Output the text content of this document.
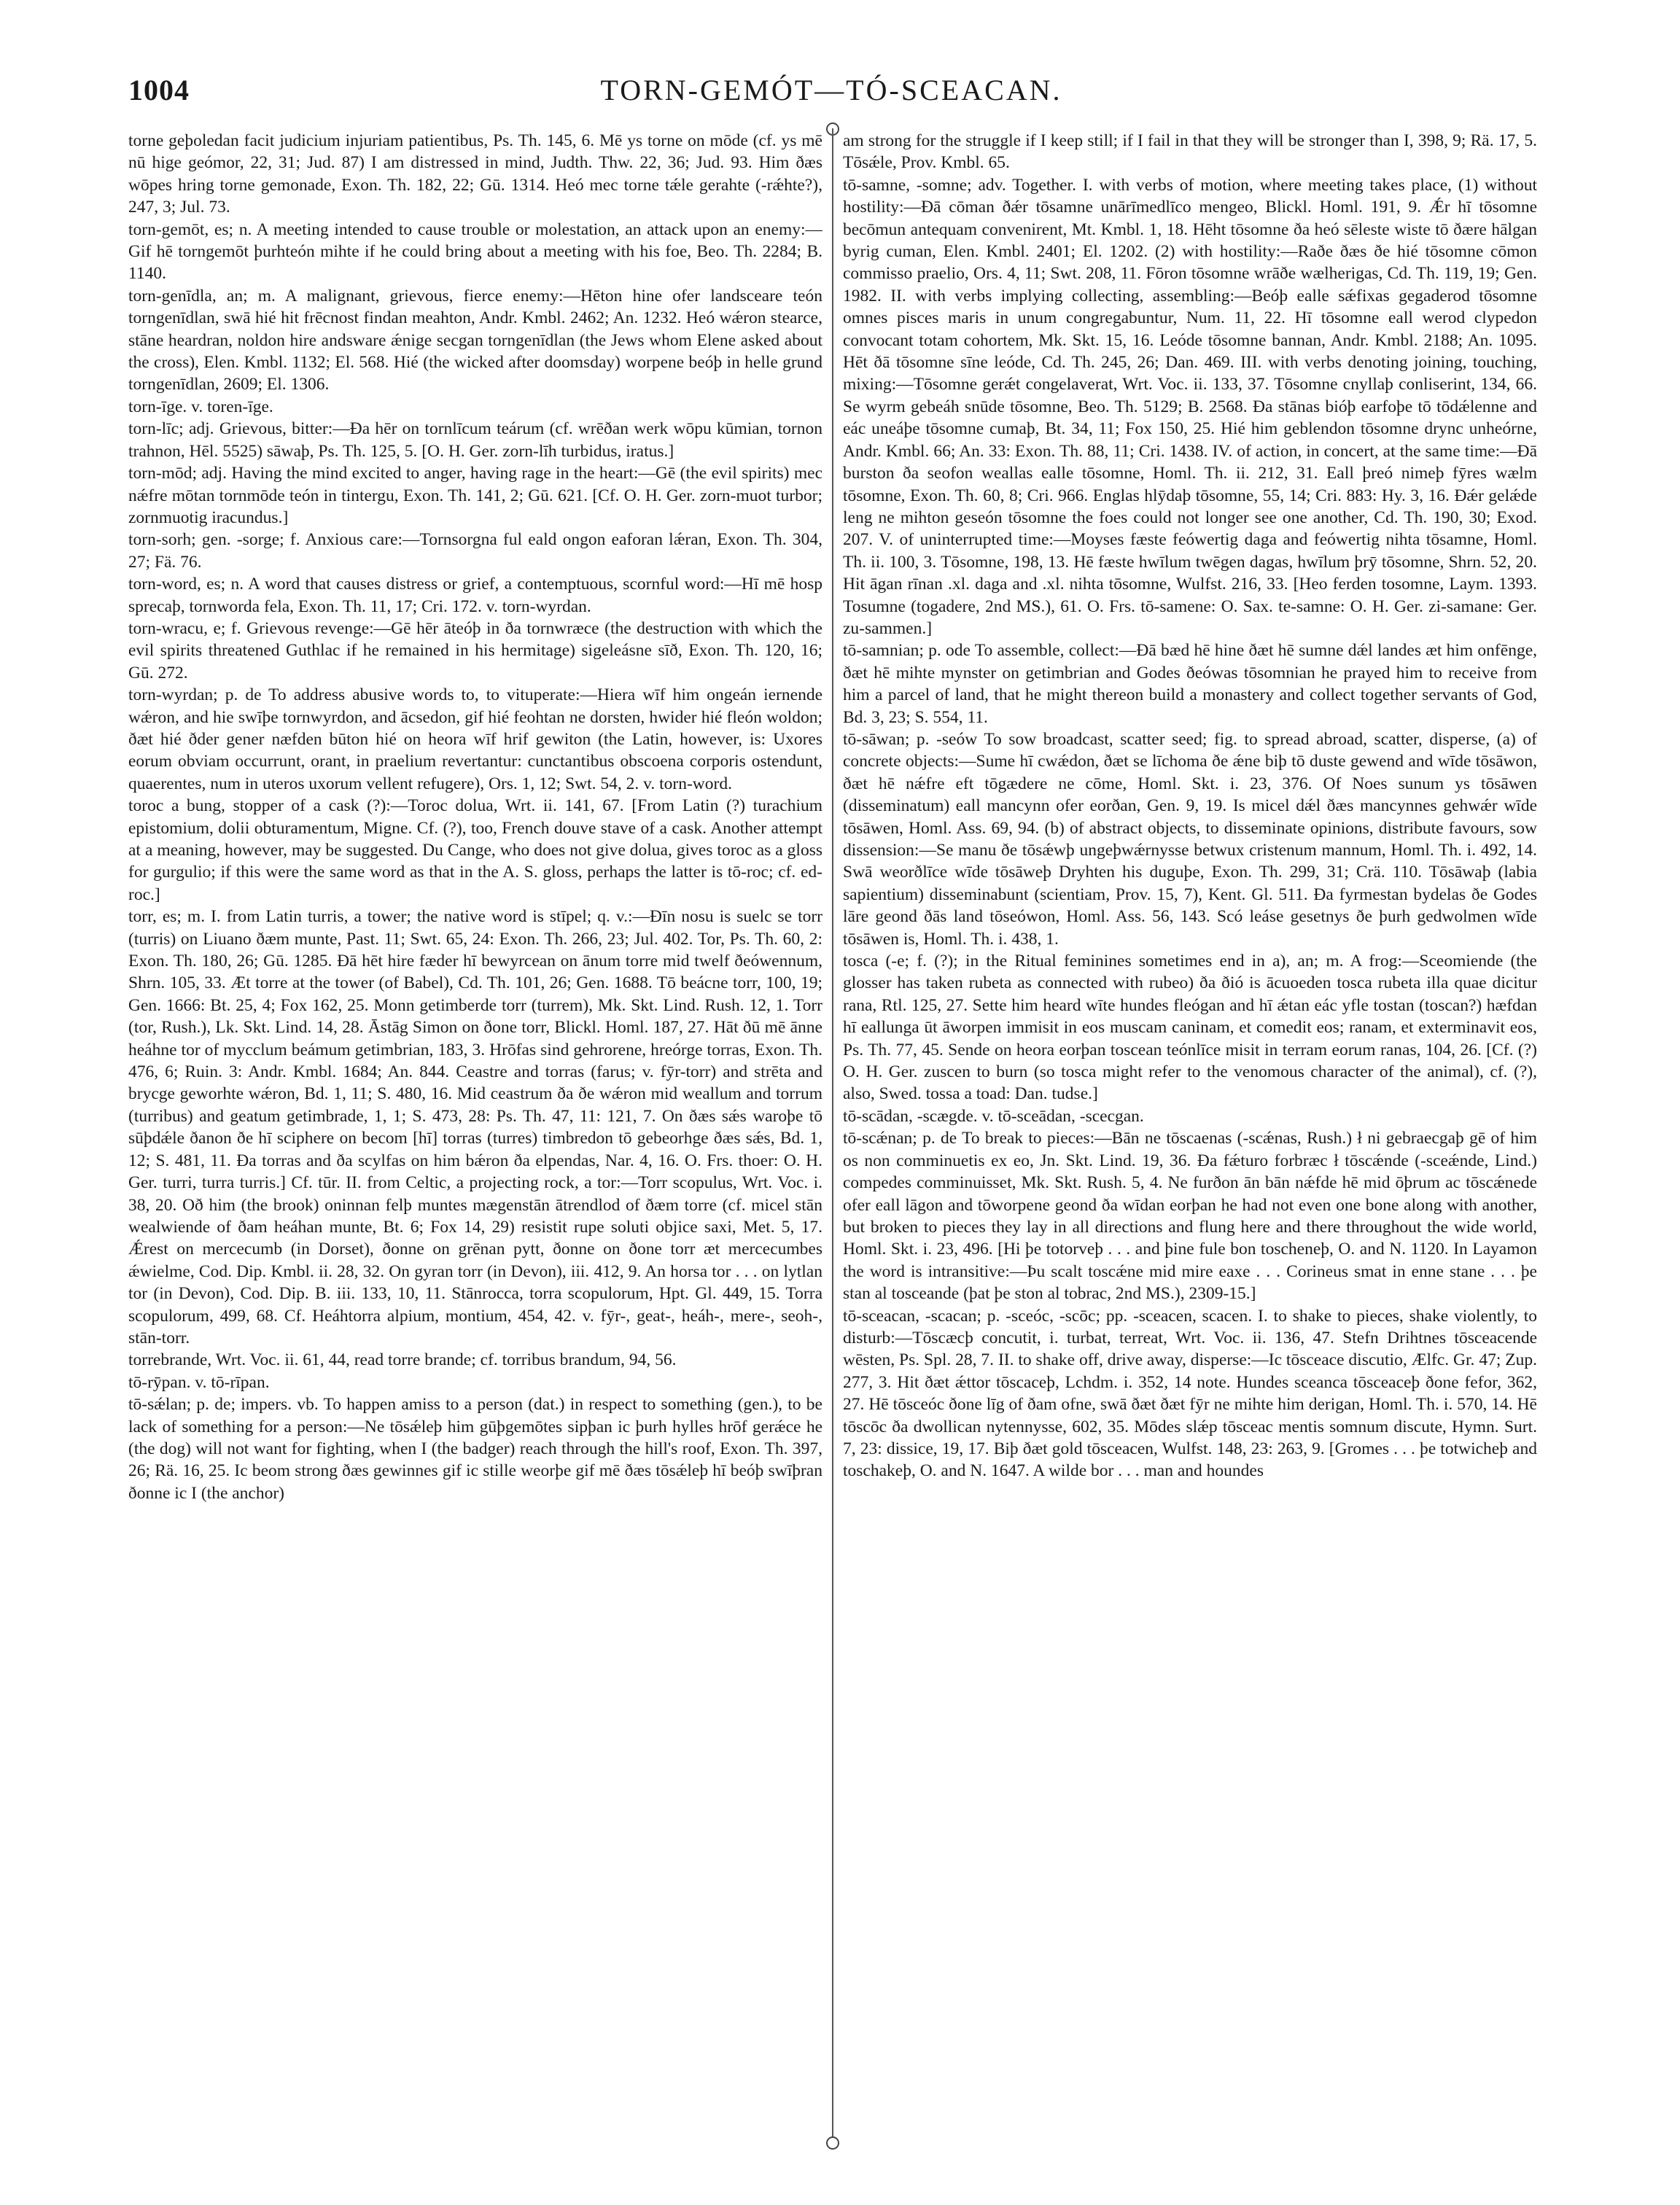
1004	TORN-GEMÓT—TÓ-SCEACAN.

torne geþoledan facit judicium injuriam patientibus, Ps. Th. 145, 6. Mē ys torne on mōde (cf. ys mē nū hige geómor, 22, 31; Jud. 87) I am distressed in mind, Judth. Thw. 22, 36; Jud. 93. Him ðæs wōpes hring torne gemonade, Exon. Th. 182, 22; Gū. 1314. Heó mec torne tǽle gerahte (-rǽhte?), 247, 3; Jul. 73.

torn-gemōt, es; n. A meeting intended to cause trouble or molestation, an attack upon an enemy:—Gif hē torngemōt þurhteón mihte if he could bring about a meeting with his foe, Beo. Th. 2284; B. 1140.

torn-genīdla, an; m. A malignant, grievous, fierce enemy:—Hēton hine ofer landsceare teón torngenīdlan, swā hié hit frēcnost findan meahton, Andr. Kmbl. 2462; An. 1232. Heó wǽron stearce, stāne heardran, noldon hire andsware ǽnige secgan torngenīdlan (the Jews whom Elene asked about the cross), Elen. Kmbl. 1132; El. 568. Hié (the wicked after doomsday) worpene beóþ in helle grund torngenīdlan, 2609; El. 1306.

torn-īge. v. toren-īge.

torn-līc; adj. Grievous, bitter:—Ða hēr on tornlīcum teárum (cf. wrēðan werk wōpu kūmian, tornon trahnon, Hēl. 5525) sāwaþ, Ps. Th. 125, 5. [O. H. Ger. zorn-līh turbidus, iratus.]

torn-mōd; adj. Having the mind excited to anger, having rage in the heart:—Gē (the evil spirits) mec nǽfre mōtan tornmōde teón in tintergu, Exon. Th. 141, 2; Gū. 621. [Cf. O. H. Ger. zorn-muot turbor; zornmuotig iracundus.]

torn-sorh; gen. -sorge; f. Anxious care:—Tornsorgna ful eald ongon eaforan lǽran, Exon. Th. 304, 27; Fä. 76.

torn-word, es; n. A word that causes distress or grief, a contemptuous, scornful word:—Hī mē hosp sprecaþ, tornworda fela, Exon. Th. 11, 17; Cri. 172. v. torn-wyrdan.

torn-wracu, e; f. Grievous revenge:—Gē hēr āteóþ in ða tornwræce (the destruction with which the evil spirits threatened Guthlac if he remained in his hermitage) sigeleásne sīð, Exon. Th. 120, 16; Gū. 272.

torn-wyrdan; p. de To address abusive words to, to vituperate:—Hiera wīf him ongeán iernende wǽron, and hie swīþe tornwyrdon, and ācsedon, gif hié feohtan ne dorsten, hwider hié fleón woldon; ðæt hié ðder gener næfden būton hié on heora wīf hrif gewiton (the Latin, however, is: Uxores eorum obviam occurrunt, orant, in praelium revertantur: cunctantibus obscoena corporis ostendunt, quaerentes, num in uteros uxorum vellent refugere), Ors. 1, 12; Swt. 54, 2. v. torn-word.

toroc a bung, stopper of a cask (?):—Toroc dolua, Wrt. ii. 141, 67. [From Latin (?) turachium epistomium, dolii obturamentum, Migne. Cf. (?), too, French douve stave of a cask. Another attempt at a meaning, however, may be suggested. Du Cange, who does not give dolua, gives toroc as a gloss for gurgulio; if this were the same word as that in the A. S. gloss, perhaps the latter is tō-roc; cf. ed-roc.]

torr, es; m. I. from Latin turris, a tower; the native word is stīpel; q. v.:—Ðīn nosu is suelc se torr (turris) on Liuano ðæm munte, Past. 11; Swt. 65, 24: Exon. Th. 266, 23; Jul. 402. Tor, Ps. Th. 60, 2: Exon. Th. 180, 26; Gū. 1285. Ðā hēt hire fæder hī bewyrcean on ānum torre mid twelf ðeówennum, Shrn. 105, 33. Æt torre at the tower (of Babel), Cd. Th. 101, 26; Gen. 1688. Tō beácne torr, 100, 19; Gen. 1666: Bt. 25, 4; Fox 162, 25. Monn getimberde torr (turrem), Mk. Skt. Lind. Rush. 12, 1. Torr (tor, Rush.), Lk. Skt. Lind. 14, 28. Āstāg Simon on ðone torr, Blickl. Homl. 187, 27. Hāt ðū mē ānne heáhne tor of mycclum beámum getimbrian, 183, 3. Hrōfas sind gehrorene, hreórge torras, Exon. Th. 476, 6; Ruin. 3: Andr. Kmbl. 1684; An. 844. Ceastre and torras (farus; v. fȳr-torr) and strēta and brycge geworhte wǽron, Bd. 1, 11; S. 480, 16. Mid ceastrum ða ðe wǽron mid weallum and torrum (turribus) and geatum getimbrade, 1, 1; S. 473, 28: Ps. Th. 47, 11: 121, 7. On ðæs sǽs waroþe tō sūþdǽle ðanon ðe hī sciphere on becom [hī] torras (turres) timbredon tō gebeorhge ðæs sǽs, Bd. 1, 12; S. 481, 11. Ða torras and ða scylfas on him bǽron ða elpendas, Nar. 4, 16. O. Frs. thoer: O. H. Ger. turri, turra turris.] Cf. tūr. II. from Celtic, a projecting rock, a tor:—Torr scopulus, Wrt. Voc. i. 38, 20. Oð him (the brook) oninnan felþ muntes mægenstān ātrendlod of ðæm torre (cf. micel stān wealwiende of ðam heáhan munte, Bt. 6; Fox 14, 29) resistit rupe soluti objice saxi, Met. 5, 17. Ǽrest on mercecumb (in Dorset), ðonne on grēnan pytt, ðonne on ðone torr æt mercecumbes ǽwielme, Cod. Dip. Kmbl. ii. 28, 32. On gyran torr (in Devon), iii. 412, 9. An horsa tor . . . on lytlan tor (in Devon), Cod. Dip. B. iii. 133, 10, 11. Stānrocca, torra scopulorum, Hpt. Gl. 449, 15. Torra scopulorum, 499, 68. Cf. Heáhtorra alpium, montium, 454, 42. v. fȳr-, geat-, heáh-, mere-, seoh-, stān-torr.

torrebrande, Wrt. Voc. ii. 61, 44, read torre brande; cf. torribus brandum, 94, 56.

tō-rȳpan. v. tō-rīpan.

tō-sǽlan; p. de; impers. vb. To happen amiss to a person (dat.) in respect to something (gen.), to be lack of something for a person:—Ne tōsǽleþ him gūþgemōtes sipþan ic þurh hylles hrōf gerǽce he (the dog) will not want for fighting, when I (the badger) reach through the hill's roof, Exon. Th. 397, 26; Rä. 16, 25. Ic beom strong ðæs gewinnes gif ic stille weorþe gif mē ðæs tōsǽleþ hī beóþ swīþran ðonne ic I (the anchor)

am strong for the struggle if I keep still; if I fail in that they will be stronger than I, 398, 9; Rä. 17, 5. Tōsǽle, Prov. Kmbl. 65.

tō-samne, -somne; adv. Together. I. with verbs of motion, where meeting takes place, (1) without hostility:—Ðā cōman ðǽr tōsamne unārīmedlīco mengeo, Blickl. Homl. 191, 9. Ǽr hī tōsomne becōmun antequam convenirent, Mt. Kmbl. 1, 18. Hēht tōsomne ða heó sēleste wiste tō ðære hālgan byrig cuman, Elen. Kmbl. 2401; El. 1202. (2) with hostility:—Raðe ðæs ðe hié tōsomne cōmon commisso praelio, Ors. 4, 11; Swt. 208, 11. Fōron tōsomne wrāðe wælherigas, Cd. Th. 119, 19; Gen. 1982. II. with verbs implying collecting, assembling:—Beóþ ealle sǽfixas gegaderod tōsomne omnes pisces maris in unum congregabuntur, Num. 11, 22. Hī tōsomne eall werod clypedon convocant totam cohortem, Mk. Skt. 15, 16. Leóde tōsomne bannan, Andr. Kmbl. 2188; An. 1095. Hēt ðā tōsomne sīne leóde, Cd. Th. 245, 26; Dan. 469. III. with verbs denoting joining, touching, mixing:—Tōsomne gerǽt congelaverat, Wrt. Voc. ii. 133, 37. Tōsomne cnyllaþ conliserint, 134, 66. Se wyrm gebeáh snūde tōsomne, Beo. Th. 5129; B. 2568. Ða stānas bióþ earfoþe tō tōdǽlenne and eác uneáþe tōsomne cumaþ, Bt. 34, 11; Fox 150, 25. Hié him geblendon tōsomne drync unheórne, Andr. Kmbl. 66; An. 33: Exon. Th. 88, 11; Cri. 1438. IV. of action, in concert, at the same time:—Ðā burston ða seofon weallas ealle tōsomne, Homl. Th. ii. 212, 31. Eall þreó nimeþ fȳres wælm tōsomne, Exon. Th. 60, 8; Cri. 966. Englas hlȳdaþ tōsomne, 55, 14; Cri. 883: Hy. 3, 16. Ðǽr gelǽde leng ne mihton geseón tōsomne the foes could not longer see one another, Cd. Th. 190, 30; Exod. 207. V. of uninterrupted time:—Moyses fæste feówertig daga and feówertig nihta tōsamne, Homl. Th. ii. 100, 3. Tōsomne, 198, 13. Hē fæste hwīlum twēgen dagas, hwīlum þrȳ tōsomne, Shrn. 52, 20. Hit āgan rīnan .xl. daga and .xl. nihta tōsomne, Wulfst. 216, 33. [Heo ferden tosomne, Laym. 1393. Tosumne (togadere, 2nd MS.), 61. O. Frs. tō-samene: O. Sax. te-samne: O. H. Ger. zi-samane: Ger. zu-sammen.]

tō-samnian; p. ode To assemble, collect:—Ðā bæd hē hine ðæt hē sumne dǽl landes æt him onfēnge, ðæt hē mihte mynster on getimbrian and Godes ðeówas tōsomnian he prayed him to receive from him a parcel of land, that he might thereon build a monastery and collect together servants of God, Bd. 3, 23; S. 554, 11.

tō-sāwan; p. -seów To sow broadcast, scatter seed; fig. to spread abroad, scatter, disperse, (a) of concrete objects:—Sume hī cwǽdon, ðæt se līchoma ðe ǽne biþ tō duste gewend and wīde tōsāwon, ðæt hē nǽfre eft tōgædere ne cōme, Homl. Skt. i. 23, 376. Of Noes sunum ys tōsāwen (disseminatum) eall mancynn ofer eorðan, Gen. 9, 19. Is micel dǽl ðæs mancynnes gehwǽr wīde tōsāwen, Homl. Ass. 69, 94. (b) of abstract objects, to disseminate opinions, distribute favours, sow dissension:—Se manu ðe tōsǽwþ ungeþwǽrnysse betwux cristenum mannum, Homl. Th. i. 492, 14. Swā weorðlīce wīde tōsāweþ Dryhten his duguþe, Exon. Th. 299, 31; Crä. 110. Tōsāwaþ (labia sapientium) disseminabunt (scientiam, Prov. 15, 7), Kent. Gl. 511. Ða fyrmestan bydelas ðe Godes lāre geond ðās land tōseówon, Homl. Ass. 56, 143. Scó leáse gesetnys ðe þurh gedwolmen wīde tōsāwen is, Homl. Th. i. 438, 1.

tosca (-e; f. (?); in the Ritual feminines sometimes end in a), an; m. A frog:—Sceomiende (the glosser has taken rubeta as connected with rubeo) ða ðió is ācuoeden tosca rubeta illa quae dicitur rana, Rtl. 125, 27. Sette him heard wīte hundes fleógan and hī ǽtan eác yfle tostan (toscan?) hæfdan hī eallunga ūt āworpen immisit in eos muscam caninam, et comedit eos; ranam, et exterminavit eos, Ps. Th. 77, 45. Sende on heora eorþan toscean teónlīce misit in terram eorum ranas, 104, 26. [Cf. (?) O. H. Ger. zuscen to burn (so tosca might refer to the venomous character of the animal), cf. (?), also, Swed. tossa a toad: Dan. tudse.]

tō-scādan, -scægde. v. tō-sceādan, -scecgan.

tō-scǽnan; p. de To break to pieces:—Bān ne tōscaenas (-scǽnas, Rush.) ł ni gebraecgaþ gē of him os non comminuetis ex eo, Jn. Skt. Lind. 19, 36. Ða fǽturo forbræc ł tōscǽnde (-sceǽnde, Lind.) compedes comminuisset, Mk. Skt. Rush. 5, 4. Ne furðon ān bān nǽfde hē mid ōþrum ac tōscǽnede ofer eall lāgon and tōworpene geond ða wīdan eorþan he had not even one bone along with another, but broken to pieces they lay in all directions and flung here and there throughout the wide world, Homl. Skt. i. 23, 496. [Hi þe totorveþ . . . and þine fule bon toscheneþ, O. and N. 1120. In Layamon the word is intransitive:—Þu scalt toscǽne mid mire eaxe . . . Corineus smat in enne stane . . . þe stan al tosceande (þat þe ston al tobrac, 2nd MS.), 2309-15.]

tō-sceacan, -scacan; p. -sceóc, -scōc; pp. -sceacen, scacen. I. to shake to pieces, shake violently, to disturb:—Tōscæcþ concutit, i. turbat, terreat, Wrt. Voc. ii. 136, 47. Stefn Drihtnes tōsceacende wēsten, Ps. Spl. 28, 7. II. to shake off, drive away, disperse:—Ic tōsceace discutio, Ælfc. Gr. 47; Zup. 277, 3. Hit ðæt ǽttor tōscaceþ, Lchdm. i. 352, 14 note. Hundes sceanca tōsceaceþ ðone fefor, 362, 27. Hē tōsceóc ðone līg of ðam ofne, swā ðæt ðæt fȳr ne mihte him derigan, Homl. Th. i. 570, 14. Hē tōscōc ða dwollican nytennysse, 602, 35. Mōdes slǽp tōsceac mentis somnum discute, Hymn. Surt. 7, 23: dissice, 19, 17. Biþ ðæt gold tōsceacen, Wulfst. 148, 23: 263, 9. [Gromes . . . þe totwicheþ and toschakeþ, O. and N. 1647. A wilde bor . . . man and houndes
